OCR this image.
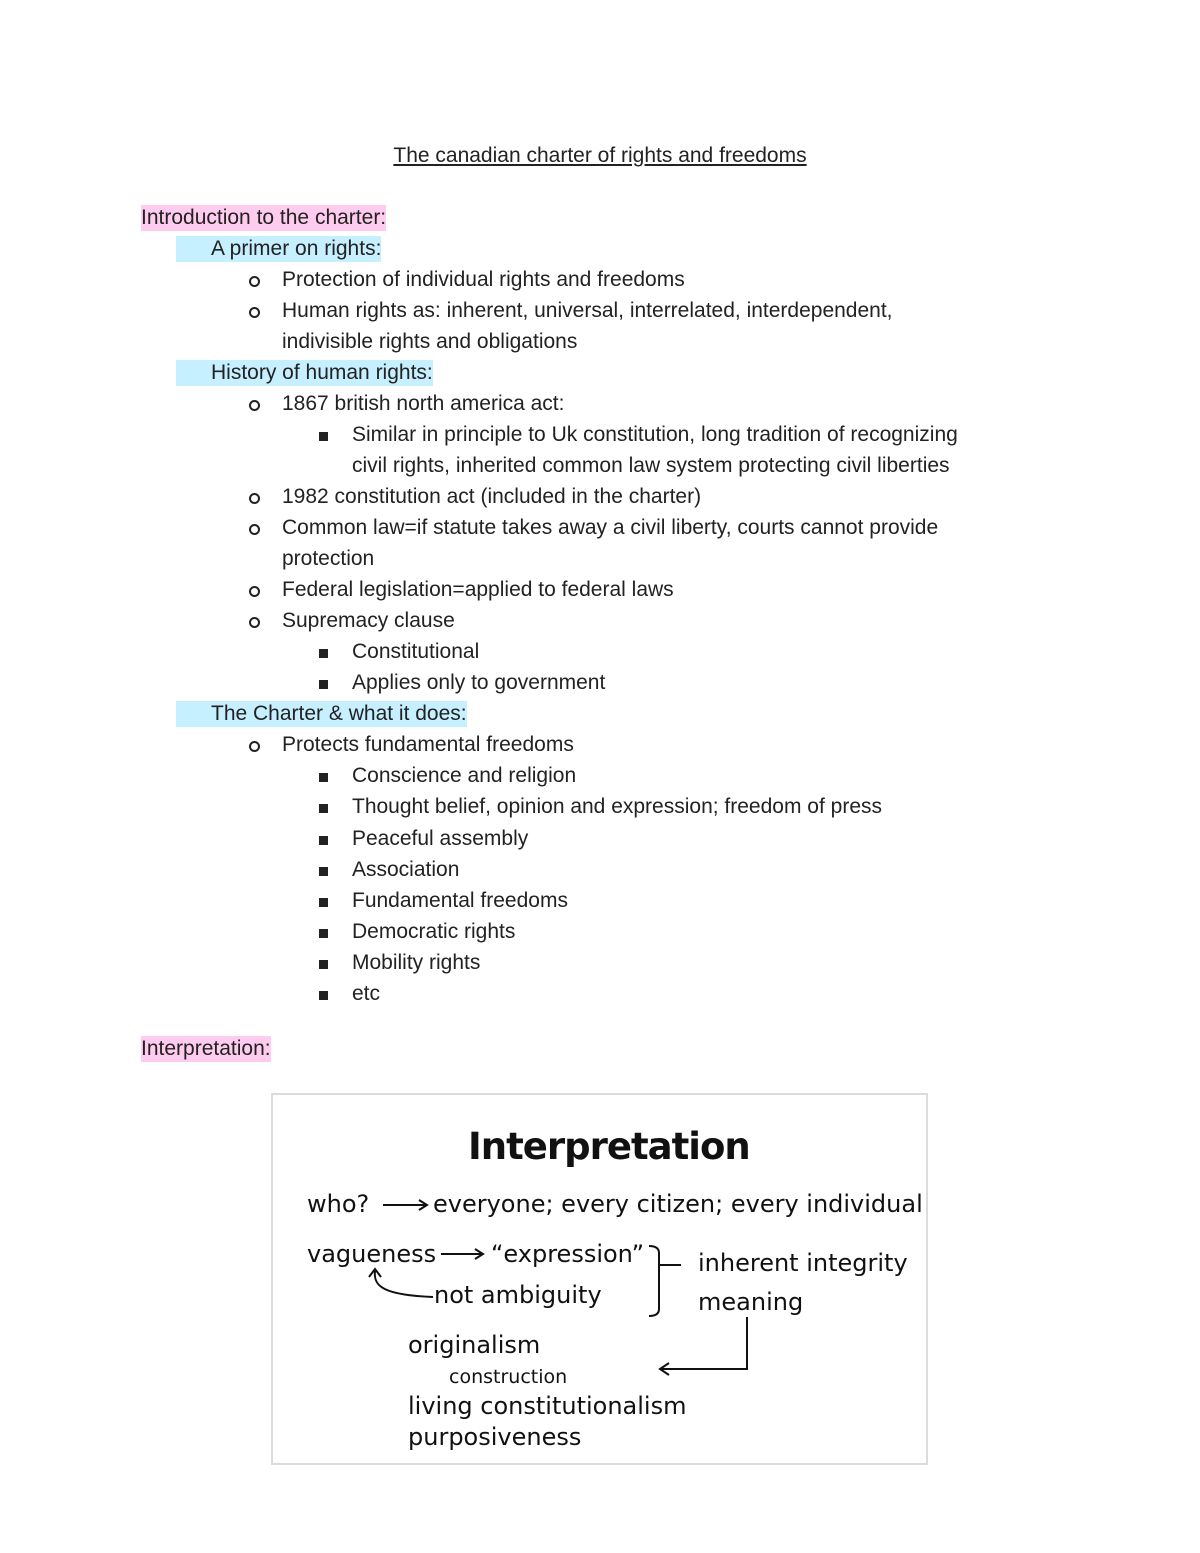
The canadian charter of rights and freedoms
Introduction to the charter:
A primer on rights:
Protection of individual rights and freedoms
Human rights as: inherent, universal, interrelated, interdependent,
indivisible rights and obligations
History of human rights:
1867 british north america act:
Similar in principle to Uk constitution, long tradition of recognizing
civil rights, inherited common law system protecting civil liberties
1982 constitution act (included in the charter)
Common law=if statute takes away a civil liberty, courts cannot provide
protection
Federal legislation=applied to federal laws
Supremacy clause
Constitutional
Applies only to government
The Charter & what it does:
Protects fundamental freedoms
Conscience and religion
Thought belief, opinion and expression; freedom of press
Peaceful assembly
Association
Fundamental freedoms
Democratic rights
Mobility rights
etc
Interpretation:
Interpretation
who?	everyone; every citizen; every individual
vagueness “expression”
not ambiguity
inherent integrity
meaning
originalism
construction
living constitutionalism
purposiveness
